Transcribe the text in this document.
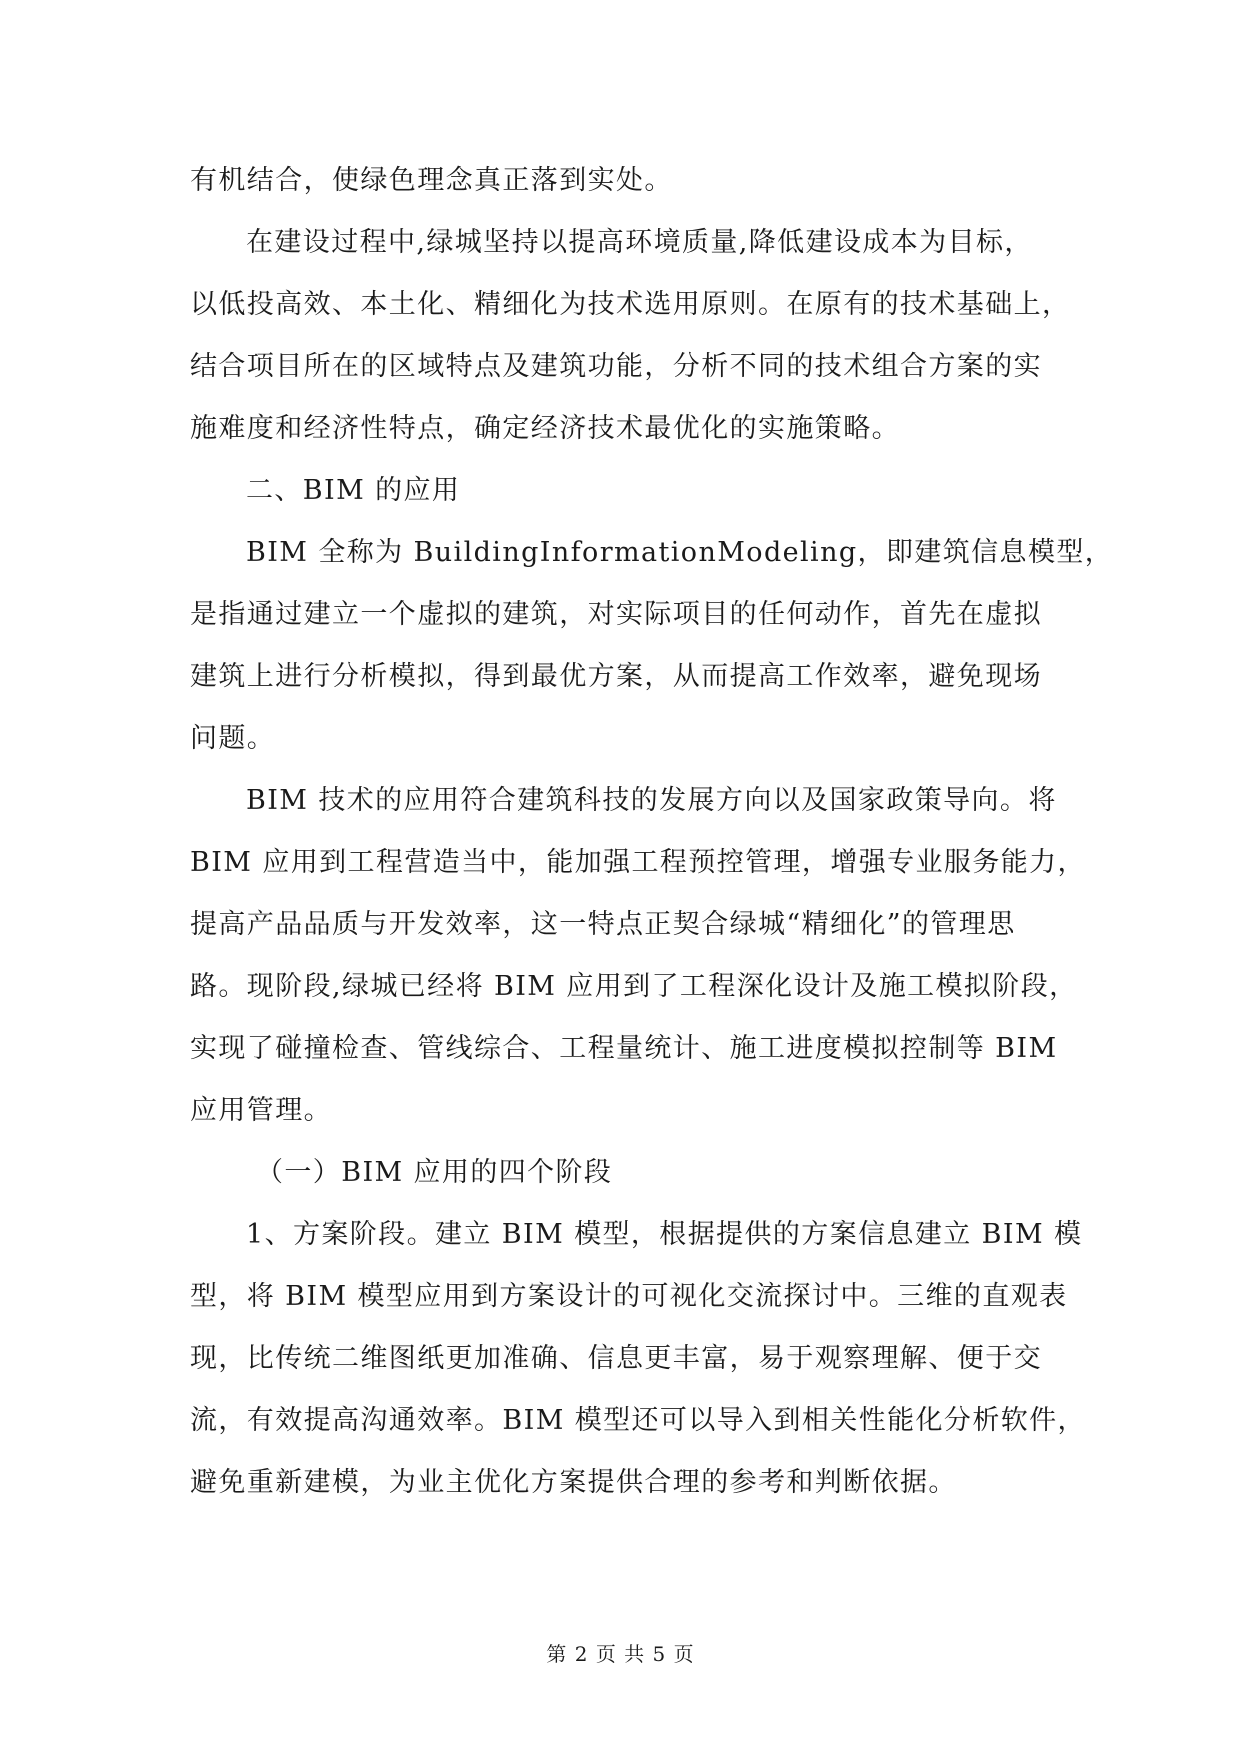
有机结合，使绿色理念真正落到实处。
在建设过程中,绿城坚持以提高环境质量,降低建设成本为目标，
以低投高效、本土化、精细化为技术选用原则。在原有的技术基础上，
结合项目所在的区域特点及建筑功能，分析不同的技术组合方案的实
施难度和经济性特点，确定经济技术最优化的实施策略。
二、BIM 的应用
BIM 全称为 BuildingInformationModeling，即建筑信息模型，
是指通过建立一个虚拟的建筑，对实际项目的任何动作，首先在虚拟
建筑上进行分析模拟，得到最优方案，从而提高工作效率，避免现场
问题。
BIM 技术的应用符合建筑科技的发展方向以及国家政策导向。将
BIM 应用到工程营造当中，能加强工程预控管理，增强专业服务能力，
提高产品品质与开发效率，这一特点正契合绿城“精细化”的管理思
路。现阶段,绿城已经将 BIM 应用到了工程深化设计及施工模拟阶段，
实现了碰撞检查、管线综合、工程量统计、施工进度模拟控制等 BIM
应用管理。
（一）BIM 应用的四个阶段
1、方案阶段。建立 BIM 模型，根据提供的方案信息建立 BIM 模
型，将 BIM 模型应用到方案设计的可视化交流探讨中。三维的直观表
现，比传统二维图纸更加准确、信息更丰富，易于观察理解、便于交
流，有效提高沟通效率。BIM 模型还可以导入到相关性能化分析软件，
避免重新建模，为业主优化方案提供合理的参考和判断依据。
第 2 页 共 5 页
